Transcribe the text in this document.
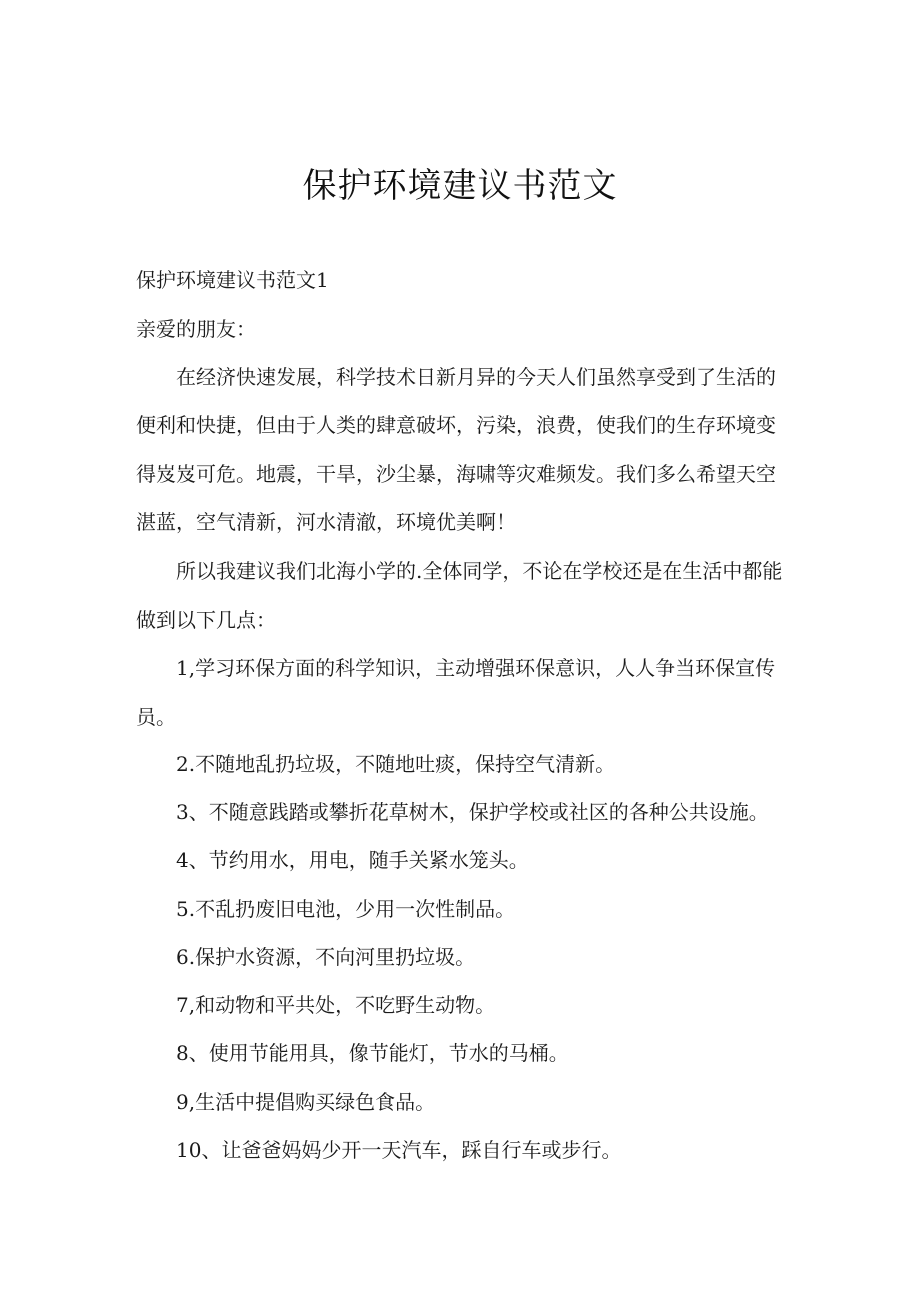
保护环境建议书范文
保护环境建议书范文1
亲爱的朋友：
在经济快速发展，科学技术日新月异的今天人们虽然享受到了生活的
便利和快捷，但由于人类的肆意破坏，污染，浪费，使我们的生存环境变
得岌岌可危。地震，干旱，沙尘暴，海啸等灾难频发。我们多么希望天空
湛蓝，空气清新，河水清澈，环境优美啊！
所以我建议我们北海小学的.全体同学，不论在学校还是在生活中都能
做到以下几点：
1,学习环保方面的科学知识，主动增强环保意识，人人争当环保宣传
员。
2.不随地乱扔垃圾，不随地吐痰，保持空气清新。
3、不随意践踏或攀折花草树木，保护学校或社区的各种公共设施。
4、节约用水，用电，随手关紧水笼头。
5.不乱扔废旧电池，少用一次性制品。
6.保护水资源，不向河里扔垃圾。
7,和动物和平共处，不吃野生动物。
8、使用节能用具，像节能灯，节水的马桶。
9,生活中提倡购买绿色食品。
10、让爸爸妈妈少开一天汽车，踩自行车或步行。
